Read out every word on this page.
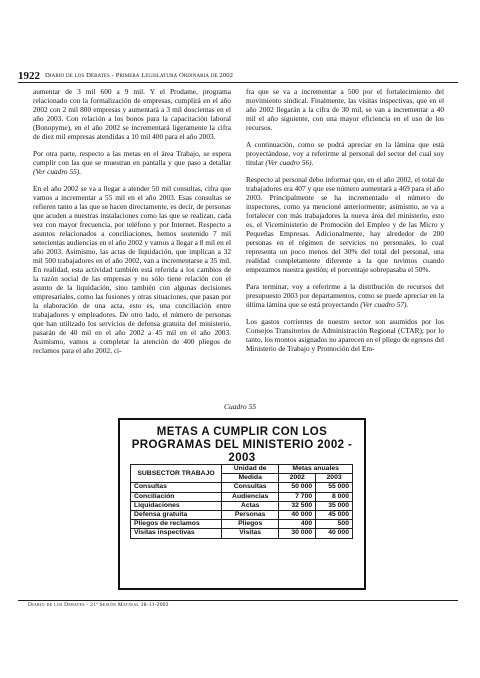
1922 Diario de los Debates - Primera Legislatura Ordinaria de 2002

aumentar de 3 mil 600 a 9 mil. Y el Prodame, programa relacionado con la formalización de empresas, cumplirá en el año 2002 con 2 mil 800 empresas y aumentará a 3 mil doscientas en el año 2003. Con relación a los bonos para la capacitación laboral (Bonopyme), en el año 2002 se incrementará ligeramente la cifra de diez mil empresas atendidas a 10 mil 400 para el año 2003.

Por otra parte, respecto a las metas en el área Trabajo, se espera cumplir con las que se muestran en pantalla y que paso a detallar (Ver cuadro 55).

En el año 2002 se va a llegar a atender 50 mil consultas, cifra que vamos a incrementar a 55 mil en el año 2003. Esas consultas se refieren tanto a las que se hacen directamente, es decir, de personas que acuden a nuestras instalaciones como las que se realizan, cada vez con mayor frecuencia, por teléfono y por Internet. Respecto a asuntos relacionados a conciliaciones, hemos sostenido 7 mil setecientas audiencias en el año 2002 y vamos a llegar a 8 mil en el año 2003. Asimismo, las actas de liquidación, que implican a 32 mil 500 trabajadores en el año 2002, van a incrementarse a 35 mil. En realidad, esta actividad también está referida a los cambios de la razón social de las empresas y no sólo tiene relación con el asunto de la liquidación, sino también con algunas decisiones empresariales, como las fusiones y otras situaciones, que pasan por la elaboración de una acta, esto es, una conciliación entre trabajadores y empleadores. De otro lado, el número de personas que han utilizado los servicios de defensa gratuita del ministerio, pasarán de 40 mil en el año 2002 a 45 mil en el año 2003. Asimismo, vamos a completar la atención de 400 pliegos de reclamos para el año 2002, ci-

fra que se va a incrementar a 500 por el fortalecimiento del movimiento sindical. Finalmente, las visitas inspectivas, que en el año 2002 llegarán a la cifra de 30 mil, se van a incrementar a 40 mil el año siguiente, con una mayor eficiencia en el uso de los recursos.

A continuación, como se podrá apreciar en la lámina que está proyectándose, voy a referirme al personal del sector del cual soy titular (Ver cuadro 56).

Respecto al personal debo informar que, en el año 2002, el total de trabajadores era 407 y que ese número aumentará a 469 para el año 2003. Principalmente se ha incrementado el número de inspectores, como ya mencioné anteriormente; asimismo, se va a fortalecer con más trabajadores la nueva área del ministerio, esto es, el Viceministerio de Promoción del Empleo y de las Micro y Pequeñas Empresas. Adicionalmente, hay alrededor de 200 personas en el régimen de servicios no personales, lo cual representa un poco menos del 30% del total del personal, una realidad completamente diferente a la que tuvimos cuando empezamos nuestra gestión; el porcentaje sobrepasaba el 50%.

Para terminar, voy a referirme a la distribución de recursos del presupuesto 2003 por departamentos, como se puede apreciar en la última lámina que se está proyectando (Ver cuadro 57).

Los gastos corrientes de nuestro sector son asumidos por los Consejos Transitorios de Administración Regional (CTAR); por lo tanto, los montos asignados no aparecen en el pliego de egresos del Ministerio de Trabajo y Promoción del Em-

Cuadro 55
METAS A CUMPLIR CON LOS
PROGRAMAS DEL MINISTERIO 2002 - 2003
SUBSECTOR TRABAJO	Unidad de	Metas anuales	
	Medida	2002	2003
Consultas	Consultas	50 000	55 000
Conciliación	Audiencias	7 700	8 000
Liquidaciones	Actas	32 500	35 000
Defensa gratuita	Personas	40 000	45 000
Pliegos de reclamos	Pliegos	400	500
Visitas inspectivas	Visitas	30 000	40 000
Diario de los Debates - 21ª Sesión Matinal 28-11-2002
